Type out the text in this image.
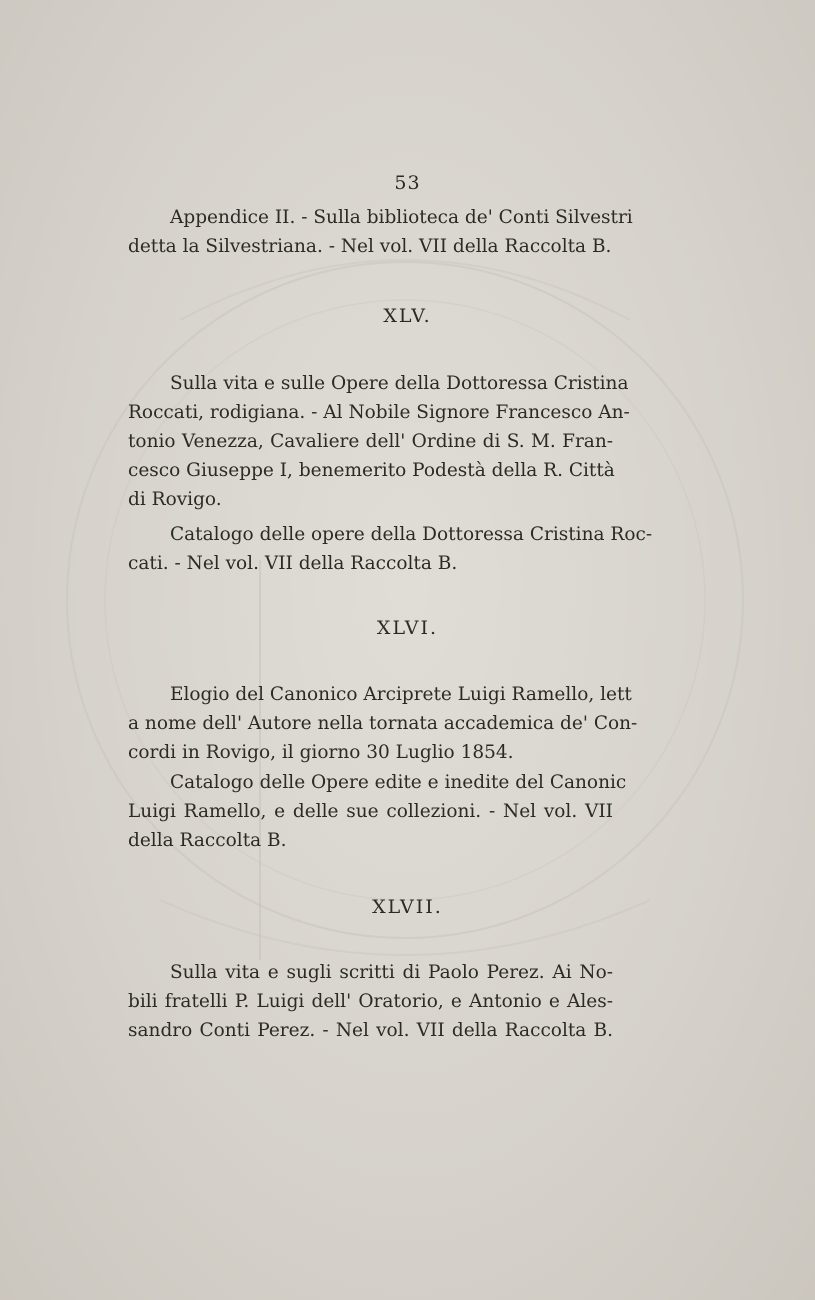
53
Appendice II. - Sulla biblioteca de' Conti Silvestri
detta la Silvestriana. - Nel vol. VII della Raccolta B.
XLV.
Sulla vita e sulle Opere della Dottoressa Cristina
Roccati, rodigiana. - Al Nobile Signore Francesco An-
tonio Venezza, Cavaliere dell' Ordine di S. M. Fran-
cesco Giuseppe I, benemerito Podestà della R. Città
di Rovigo.
Catalogo delle opere della Dottoressa Cristina Roc-
cati. - Nel vol. VII della Raccolta B.
XLVI.
Elogio del Canonico Arciprete Luigi Ramello, lett
a nome dell' Autore nella tornata accademica de' Con-
cordi in Rovigo, il giorno 30 Luglio 1854.
Catalogo delle Opere edite e inedite del Canonic
Luigi Ramello, e delle sue collezioni. - Nel vol. VII
della Raccolta B.
XLVII.
Sulla vita e sugli scritti di Paolo Perez. Ai No-
bili fratelli P. Luigi dell' Oratorio, e Antonio e Ales-
sandro Conti Perez. - Nel vol. VII della Raccolta B.
